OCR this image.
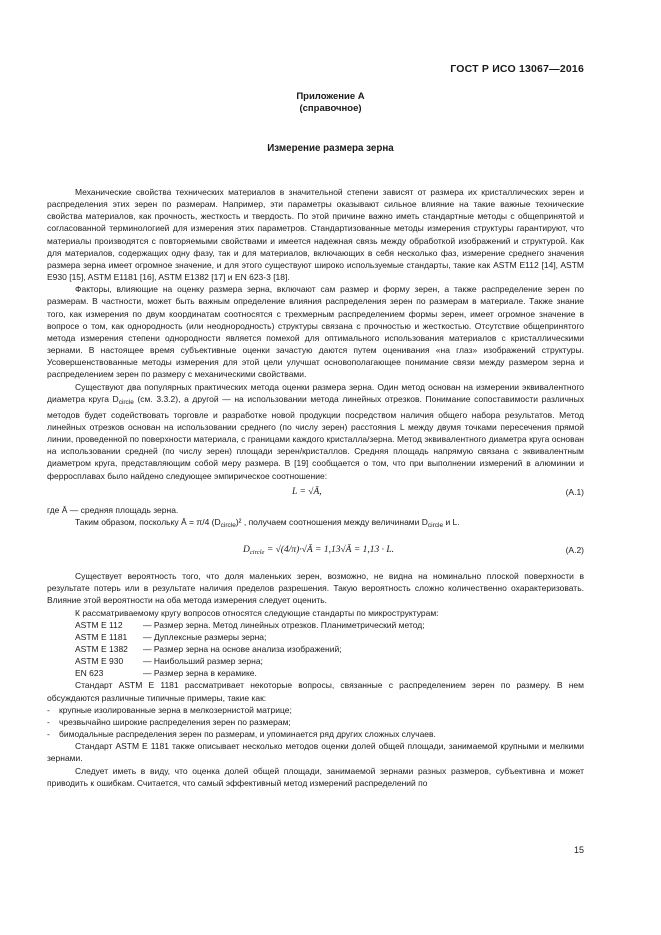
ГОСТ Р ИСО 13067—2016
Приложение А
(справочное)
Измерение размера зерна

Механические свойства технических материалов в значительной степени зависят от размера их кристаллических зерен и распределения этих зерен по размерам. Например, эти параметры оказывают сильное влияние на такие важные технические свойства материалов, как прочность, жесткость и твердость. По этой причине важно иметь стандартные методы с общепринятой и согласованной терминологией для измерения этих параметров. Стандартизованные методы измерения структуры гарантируют, что материалы производятся с повторяемыми свойствами и имеется надежная связь между обработкой изображений и структурой. Как для материалов, содержащих одну фазу, так и для материалов, включающих в себя несколько фаз, измерение среднего значения размера зерна имеет огромное значение, и для этого существуют широко используемые стандарты, такие как ASTM E112 [14], ASTM E930 [15], ASTM E1181 [16], ASTM E1382 [17] и EN 623-3 [18].

Факторы, влияющие на оценку размера зерна, включают сам размер и форму зерен, а также распределение зерен по размерам. В частности, может быть важным определение влияния распределения зерен по размерам в материале. Также знание того, как измерения по двум координатам соотносятся с трехмерным распределением формы зерен, имеет огромное значение в вопросе о том, как однородность (или неоднородность) структуры связана с прочностью и жесткостью. Отсутствие общепринятого метода измерения степени однородности является помехой для оптимального использования материалов с кристаллическими зернами. В настоящее время субъективные оценки зачастую даются путем оценивания «на глаз» изображений структуры. Усовершенствованные методы измерения для этой цели улучшат основополагающее понимание связи между размером зерна и распределением зерен по размеру с механическими свойствами.

Существуют два популярных практических метода оценки размера зерна. Один метод основан на измерении эквивалентного диаметра круга $D_{circle}$ (см. 3.3.2), а другой — на использовании метода линейных отрезков. Понимание сопоставимости различных методов будет содействовать торговле и разработке новой продукции посредством наличия общего набора результатов. Метод линейных отрезков основан на использовании среднего (по числу зерен) расстояния L между двумя точками пересечения прямой линии, проведенной по поверхности материала, с границами каждого кристалла/зерна. Метод эквивалентного диаметра круга основан на использовании средней (по числу зерен) площади зерен/кристаллов. Средняя площадь напрямую связана с эквивалентным диаметром круга, представляющим собой меру размера. В [19] сообщается о том, что при выполнении измерений в алюминии и ферросплавах было найдено следующее эмпирическое соотношение:

L = √Ā,	(А.1)

где Ā — средняя площадь зерна.

Таким образом, поскольку Ā = π/4 $(D_{circle})^2$ , получаем соотношения между величинами $D_{circle}$ и L.

$D_{circle}$ = √(4/π)·√Ā = 1,13√Ā = 1,13 · L.	(А.2)

Существует вероятность того, что доля маленьких зерен, возможно, не видна на номинально плоской поверхности в результате потерь или в результате наличия пределов разрешения. Такую вероятность сложно количественно охарактеризовать. Влияние этой вероятности на оба метода измерения следует оценить.

К рассматриваемому кругу вопросов относятся следующие стандарты по микроструктурам:

ASTM E 112	— Размер зерна. Метод линейных отрезков. Планиметрический метод;
ASTM E 1181	— Дуплексные размеры зерна;
ASTM E 1382	— Размер зерна на основе анализа изображений;
ASTM E 930	— Наибольший размер зерна;
EN 623	— Размер зерна в керамике.

Стандарт ASTM E 1181 рассматривает некоторые вопросы, связанные с распределением зерен по размеру. В нем обсуждаются различные типичные примеры, такие как:

- крупные изолированные зерна в мелкозернистой матрице;
- чрезвычайно широкие распределения зерен по размерам;
- бимодальные распределения зерен по размерам, и упоминается ряд других сложных случаев.

Стандарт ASTM E 1181 также описывает несколько методов оценки долей общей площади, занимаемой крупными и мелкими зернами.

Следует иметь в виду, что оценка долей общей площади, занимаемой зернами разных размеров, субъективна и может приводить к ошибкам. Считается, что самый эффективный метод измерений распределений по

15
